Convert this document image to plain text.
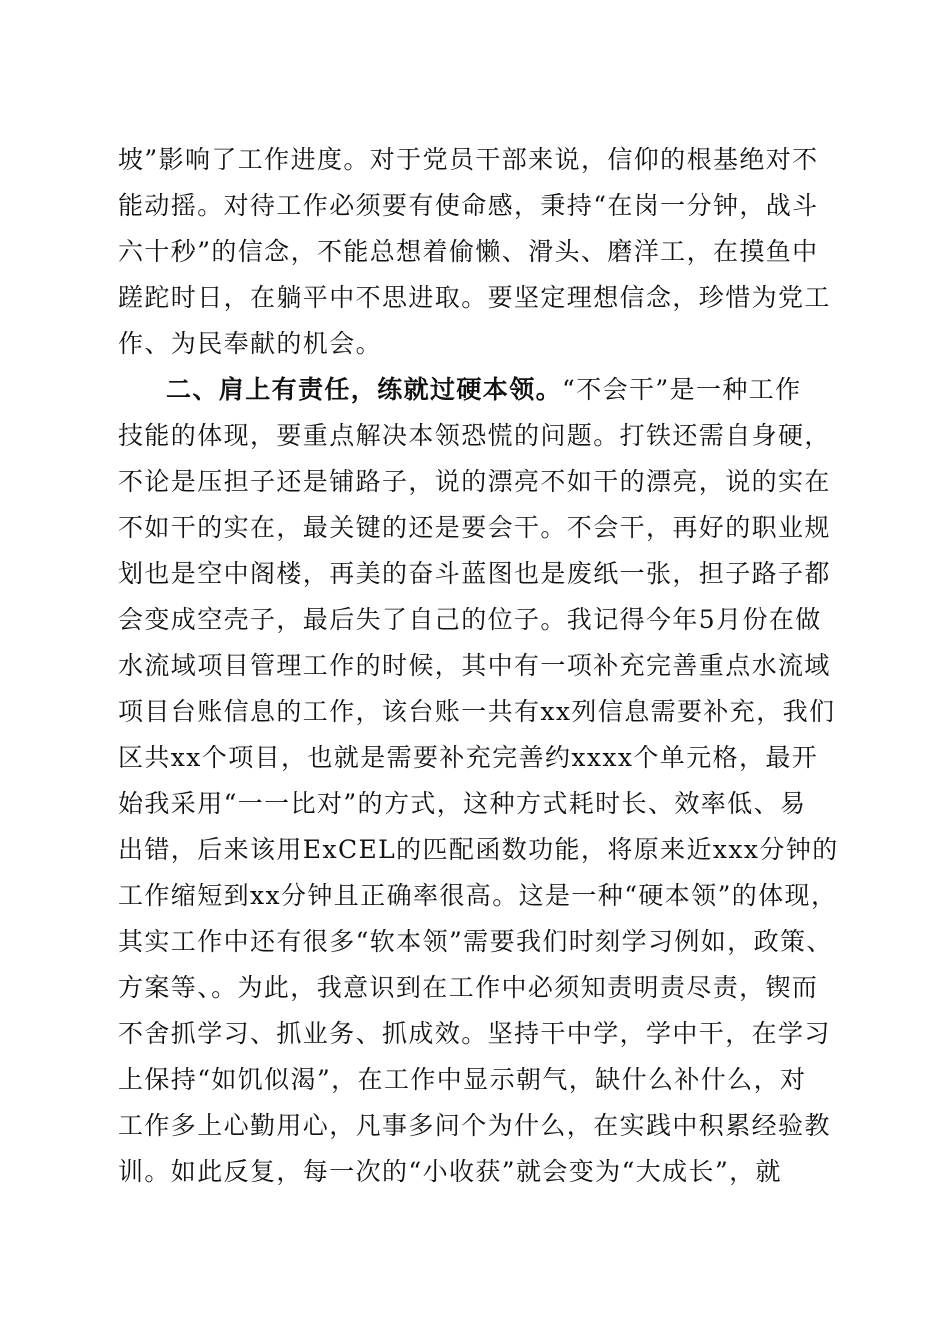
坡”影响了工作进度。对于党员干部来说，信仰的根基绝对不
能动摇。对待工作必须要有使命感，秉持“在岗一分钟，战斗
六十秒”的信念，不能总想着偷懒、滑头、磨洋工，在摸鱼中
蹉跎时日，在躺平中不思进取。要坚定理想信念，珍惜为党工
作、为民奉献的机会。
二、肩上有责任，练就过硬本领。“不会干”是一种工作
技能的体现，要重点解决本领恐慌的问题。打铁还需自身硬，
不论是压担子还是铺路子，说的漂亮不如干的漂亮，说的实在
不如干的实在，最关键的还是要会干。不会干，再好的职业规
划也是空中阁楼，再美的奋斗蓝图也是废纸一张，担子路子都
会变成空壳子，最后失了自己的位子。我记得今年5月份在做
水流域项目管理工作的时候，其中有一项补充完善重点水流域
项目台账信息的工作，该台账一共有xx列信息需要补充，我们
区共xx个项目，也就是需要补充完善约xxxx个单元格，最开
始我采用“一一比对”的方式，这种方式耗时长、效率低、易
出错，后来该用ExCEL的匹配函数功能，将原来近xxx分钟的
工作缩短到xx分钟且正确率很高。这是一种“硬本领”的体现，
其实工作中还有很多“软本领”需要我们时刻学习例如，政策、
方案等、。为此，我意识到在工作中必须知责明责尽责，锲而
不舍抓学习、抓业务、抓成效。坚持干中学，学中干，在学习
上保持“如饥似渴”，在工作中显示朝气，缺什么补什么，对
工作多上心勤用心，凡事多问个为什么，在实践中积累经验教
训。如此反复，每一次的“小收获”就会变为“大成长”，就
